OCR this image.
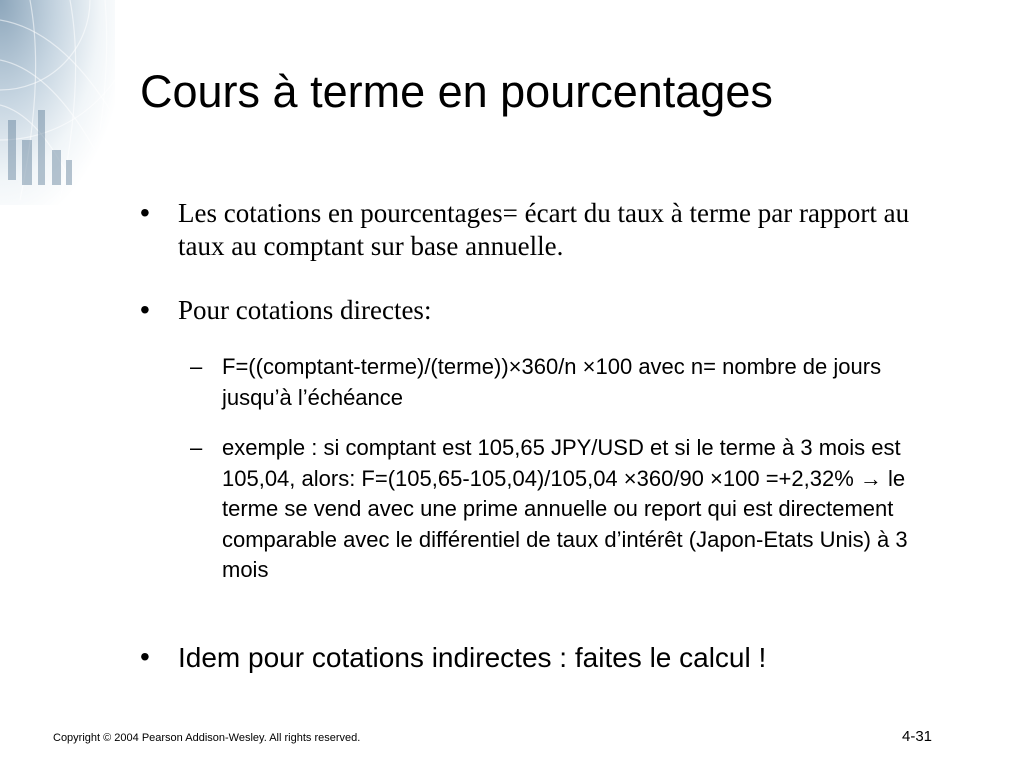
Cours à terme en pourcentages
•	Les cotations en pourcentages= écart du taux à terme par rapport au taux au comptant sur base annuelle.
•	Pour cotations directes:
– F=((comptant-terme)/(terme))×360/n ×100 avec n= nombre de jours jusqu’à l’échéance
– exemple : si comptant est 105,65 JPY/USD et si le terme à 3 mois est 105,04, alors: F=(105,65-105,04)/105,04 ×360/90 ×100 =+2,32% → le terme se vend avec une prime annuelle ou report qui est directement comparable avec le différentiel de taux d’intérêt (Japon-Etats Unis) à 3 mois
•	Idem pour cotations indirectes : faites le calcul !
Copyright © 2004 Pearson Addison-Wesley. All rights reserved.	4-31
